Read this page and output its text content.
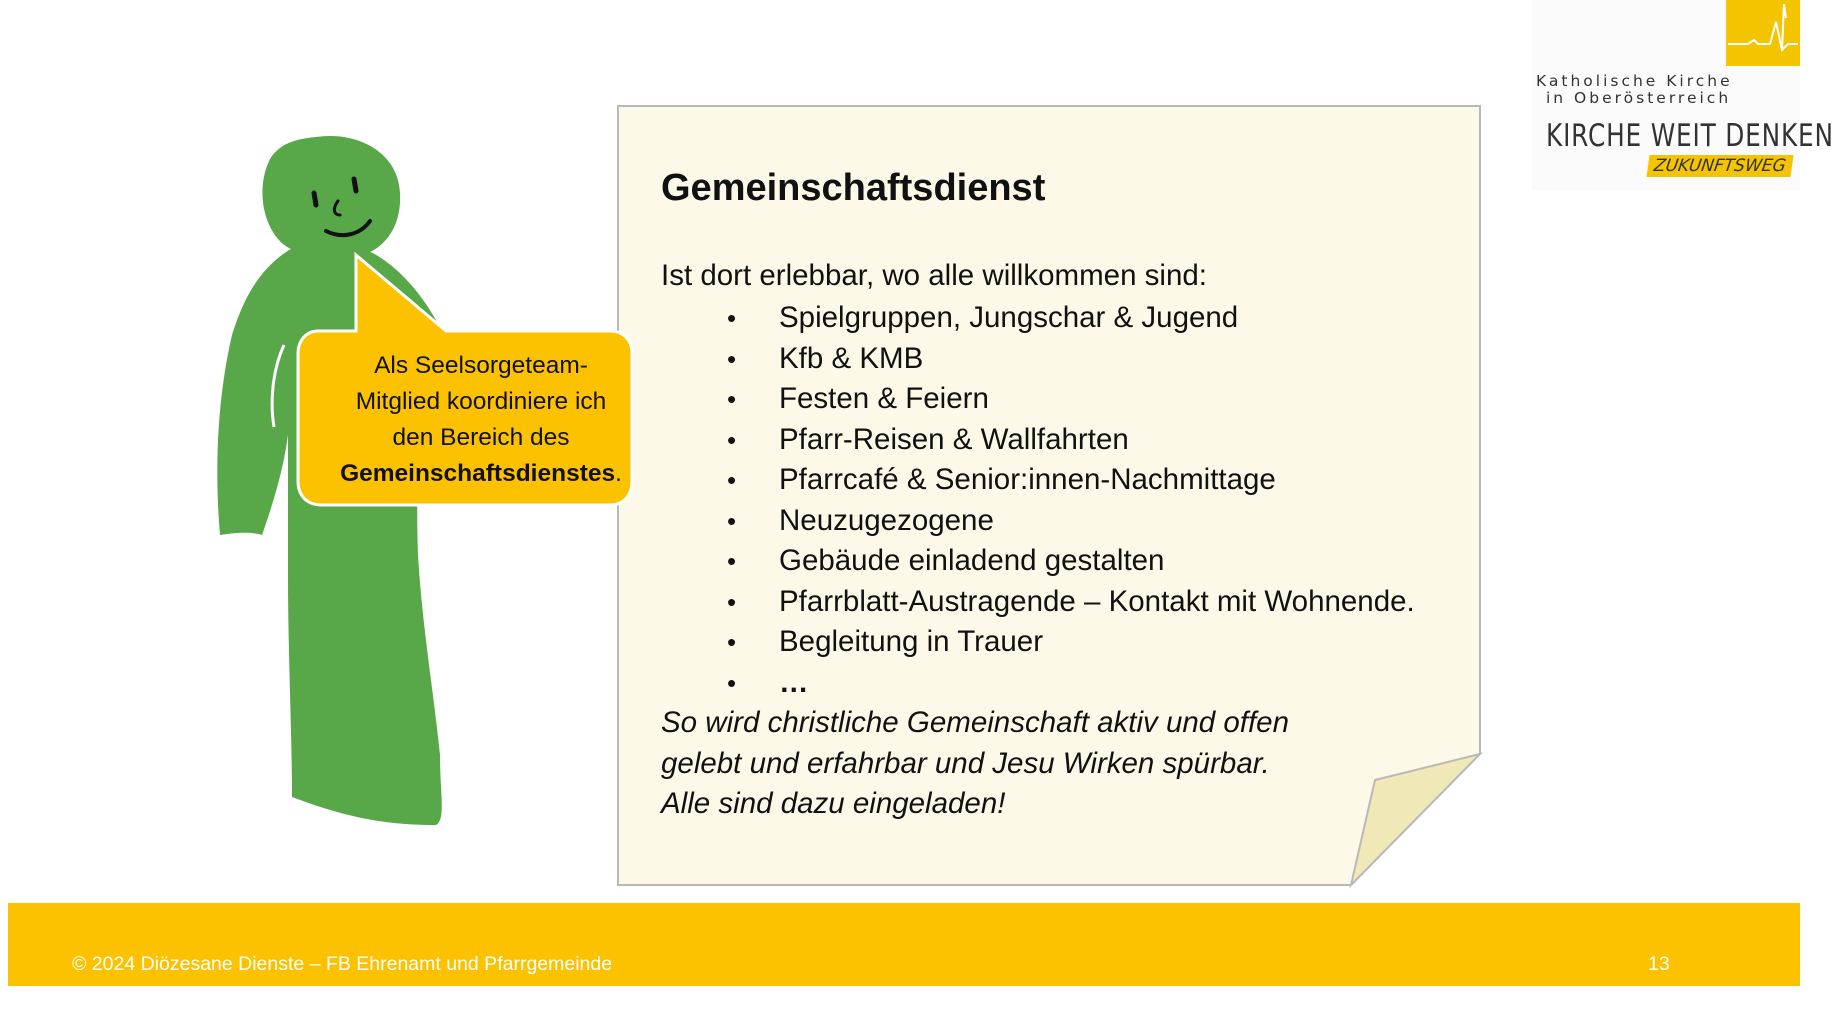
Katholische Kirche
in Oberösterreich
KIRCHE WEIT DENKEN
ZUKUNFTSWEG
Gemeinschaftsdienst

Ist dort erlebbar, wo alle willkommen sind:

• Spielgruppen, Jungschar & Jugend
• Kfb & KMB
• Festen & Feiern
• Pfarr-Reisen & Wallfahrten
• Pfarrcafé & Senior:innen-Nachmittage
• Neuzugezogene
• Gebäude einladend gestalten
• Pfarrblatt-Austragende – Kontakt mit Wohnende.
• Begleitung in Trauer
• …

So wird christliche Gemeinschaft aktiv und offen

gelebt und erfahrbar und Jesu Wirken spürbar.

Alle sind dazu eingeladen!

Als Seelsorgeteam-
Mitglied koordiniere ich
den Bereich des
Gemeinschaftsdienstes.
© 2024 Diözesane Dienste – FB Ehrenamt und Pfarrgemeinde	13
